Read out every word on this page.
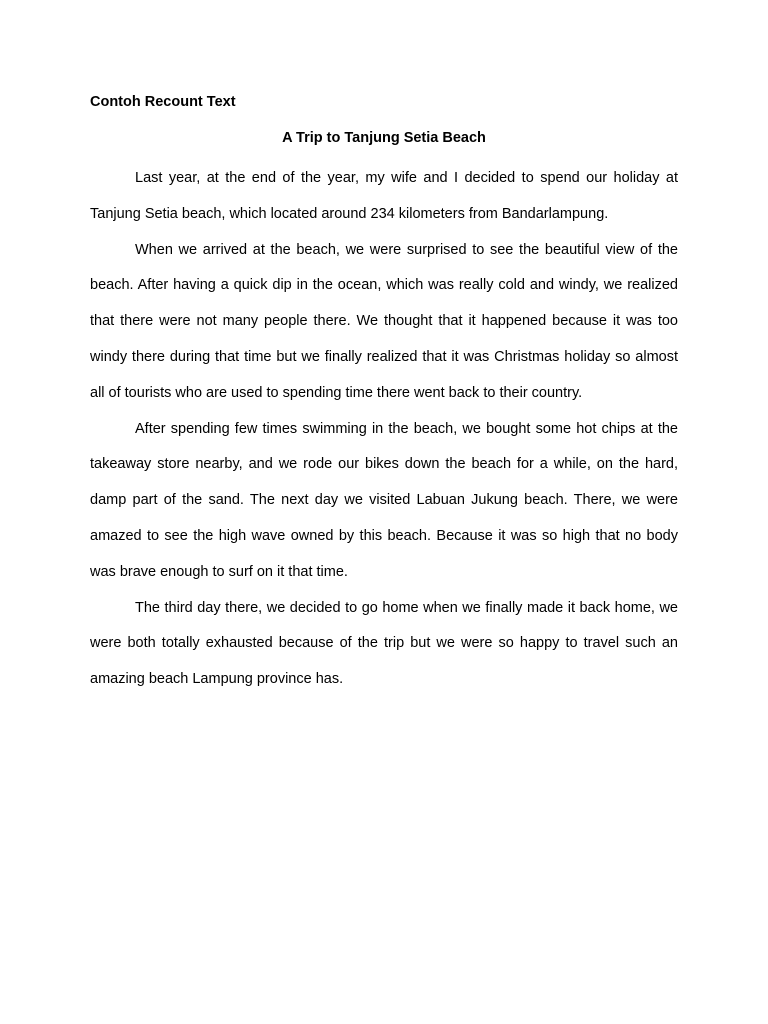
Contoh Recount Text
A Trip to Tanjung Setia Beach

Last year, at the end of the year, my wife and I decided to spend our holiday at Tanjung Setia beach, which located around 234 kilometers from Bandarlampung.

When we arrived at the beach, we were surprised to see the beautiful view of the beach. After having a quick dip in the ocean, which was really cold and windy, we realized that there were not many people there. We thought that it happened because it was too windy there during that time but we finally realized that it was Christmas holiday so almost all of tourists who are used to spending time there went back to their country.

After spending few times swimming in the beach, we bought some hot chips at the takeaway store nearby, and we rode our bikes down the beach for a while, on the hard, damp part of the sand. The next day we visited Labuan Jukung beach. There, we were amazed to see the high wave owned by this beach. Because it was so high that no body was brave enough to surf on it that time.

The third day there, we decided to go home when we finally made it back home, we were both totally exhausted because of the trip but we were so happy to travel such an amazing beach Lampung province has.
